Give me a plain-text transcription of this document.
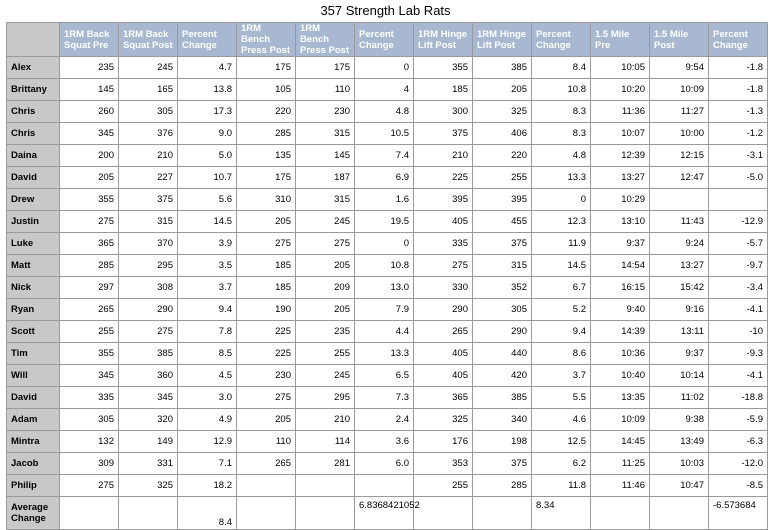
357 Strength Lab Rats
	1RM Back Squat Pre	1RM Back Squat Post	Percent Change	1RM Bench Press Post	1RM Bench Press Post	Percent Change	1RM Hinge Lift Post	1RM Hinge Lift Post	Percent Change	1.5 Mile Pre	1.5 Mile Post	Percent Change
Alex	235	245	4.7	175	175	0	355	385	8.4	10:05	9:54	-1.8
Brittany	145	165	13.8	105	110	4	185	205	10.8	10:20	10:09	-1.8
Chris	260	305	17.3	220	230	4.8	300	325	8.3	11:36	11:27	-1.3
Chris	345	376	9.0	285	315	10.5	375	406	8.3	10:07	10:00	-1.2
Daina	200	210	5.0	135	145	7.4	210	220	4.8	12:39	12:15	-3.1
David	205	227	10.7	175	187	6.9	225	255	13.3	13:27	12:47	-5.0
Drew	355	375	5.6	310	315	1.6	395	395	0	10:29		
Justin	275	315	14.5	205	245	19.5	405	455	12.3	13:10	11:43	-12.9
Luke	365	370	3.9	275	275	0	335	375	11.9	9:37	9:24	-5.7
Matt	285	295	3.5	185	205	10.8	275	315	14.5	14:54	13:27	-9.7
Nick	297	308	3.7	185	209	13.0	330	352	6.7	16:15	15:42	-3.4
Ryan	265	290	9.4	190	205	7.9	290	305	5.2	9:40	9:16	-4.1
Scott	255	275	7.8	225	235	4.4	265	290	9.4	14:39	13:11	-10
Tim	355	385	8.5	225	255	13.3	405	440	8.6	10:36	9:37	-9.3
Will	345	360	4.5	230	245	6.5	405	420	3.7	10:40	10:14	-4.1
David	335	345	3.0	275	295	7.3	365	385	5.5	13:35	11:02	-18.8
Adam	305	320	4.9	205	210	2.4	325	340	4.6	10:09	9:38	-5.9
Mintra	132	149	12.9	110	114	3.6	176	198	12.5	14:45	13:49	-6.3
Jacob	309	331	7.1	265	281	6.0	353	375	6.2	11:25	10:03	-12.0
Philip	275	325	18.2				255	285	11.8	11:46	10:47	-8.5
Average Change			8.4			6.8368421052			8.34			-6.573684
